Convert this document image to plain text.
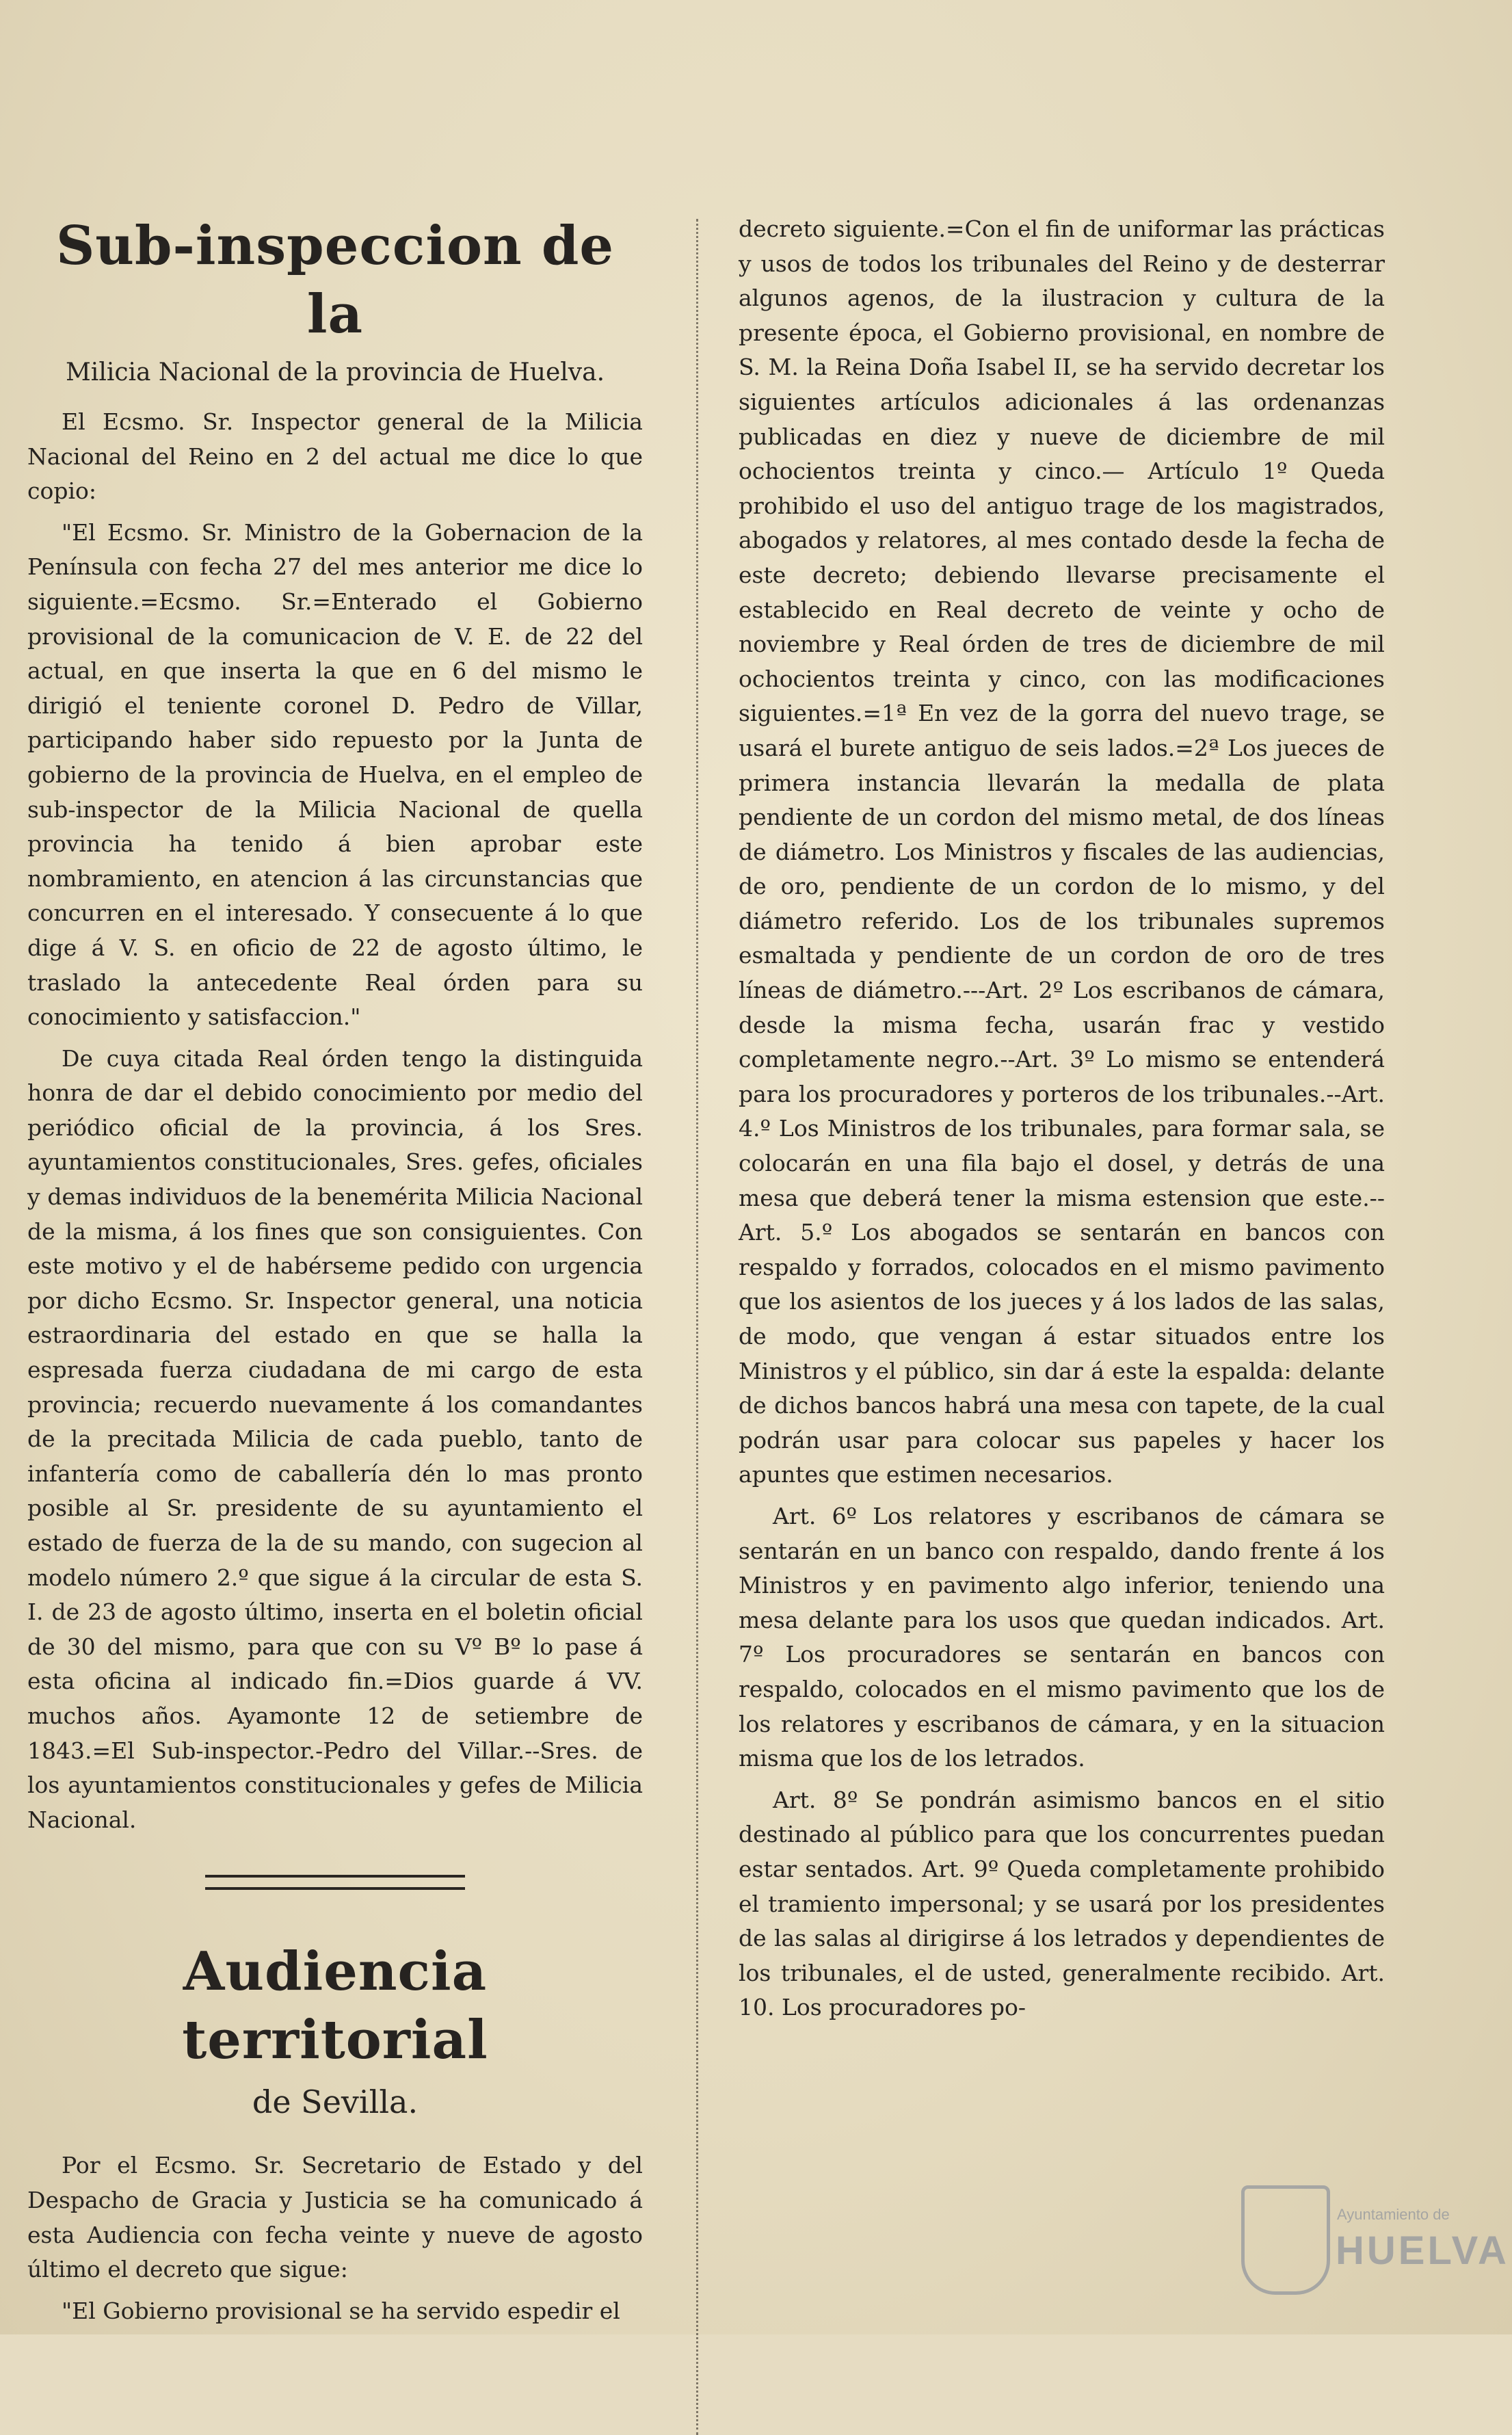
Sub-inspeccion de la
Milicia Nacional de la provincia de Huelva.

El Ecsmo. Sr. Inspector general de la Milicia Nacional del Reino en 2 del actual me dice lo que copio:

"El Ecsmo. Sr. Ministro de la Gobernacion de la Península con fecha 27 del mes anterior me dice lo siguiente.=Ecsmo. Sr.=Enterado el Gobierno provisional de la comunicacion de V. E. de 22 del actual, en que inserta la que en 6 del mismo le dirigió el teniente coronel D. Pedro de Villar, participando haber sido repuesto por la Junta de gobierno de la provincia de Huelva, en el empleo de sub-inspector de la Milicia Nacional de quella provincia ha tenido á bien aprobar este nombramiento, en atencion á las circunstancias que concurren en el interesado. Y consecuente á lo que dige á V. S. en oficio de 22 de agosto último, le traslado la antecedente Real órden para su conocimiento y satisfaccion."

De cuya citada Real órden tengo la distinguida honra de dar el debido conocimiento por medio del periódico oficial de la provincia, á los Sres. ayuntamientos constitucionales, Sres. gefes, oficiales y demas individuos de la benemérita Milicia Nacional de la misma, á los fines que son consiguientes. Con este motivo y el de habérseme pedido con urgencia por dicho Ecsmo. Sr. Inspector general, una noticia estraordinaria del estado en que se halla la espresada fuerza ciudadana de mi cargo de esta provincia; recuerdo nuevamente á los comandantes de la precitada Milicia de cada pueblo, tanto de infantería como de caballería dén lo mas pronto posible al Sr. presidente de su ayuntamiento el estado de fuerza de la de su mando, con sugecion al modelo número 2.º que sigue á la circular de esta S. I. de 23 de agosto último, inserta en el boletin oficial de 30 del mismo, para que con su Vº Bº lo pase á esta oficina al indicado fin.=Dios guarde á VV. muchos años. Ayamonte 12 de setiembre de 1843.=El Sub-inspector.-Pedro del Villar.--Sres. de los ayuntamientos constitucionales y gefes de Milicia Nacional.

Audiencia territorial
de Sevilla.

Por el Ecsmo. Sr. Secretario de Estado y del Despacho de Gracia y Justicia se ha comunicado á esta Audiencia con fecha veinte y nueve de agosto último el decreto que sigue:

"El Gobierno provisional se ha servido espedir el

decreto siguiente.=Con el fin de uniformar las prácticas y usos de todos los tribunales del Reino y de desterrar algunos agenos, de la ilustracion y cultura de la presente época, el Gobierno provisional, en nombre de S. M. la Reina Doña Isabel II, se ha servido decretar los siguientes artículos adicionales á las ordenanzas publicadas en diez y nueve de diciembre de mil ochocientos treinta y cinco.— Artículo 1º Queda prohibido el uso del antiguo trage de los magistrados, abogados y relatores, al mes contado desde la fecha de este decreto; debiendo llevarse precisamente el establecido en Real decreto de veinte y ocho de noviembre y Real órden de tres de diciembre de mil ochocientos treinta y cinco, con las modificaciones siguientes.=1ª En vez de la gorra del nuevo trage, se usará el burete antiguo de seis lados.=2ª Los jueces de primera instancia llevarán la medalla de plata pendiente de un cordon del mismo metal, de dos líneas de diámetro. Los Ministros y fiscales de las audiencias, de oro, pendiente de un cordon de lo mismo, y del diámetro referido. Los de los tribunales supremos esmaltada y pendiente de un cordon de oro de tres líneas de diámetro.---Art. 2º Los escribanos de cámara, desde la misma fecha, usarán frac y vestido completamente negro.--Art. 3º Lo mismo se entenderá para los procuradores y porteros de los tribunales.--Art. 4.º Los Ministros de los tribunales, para formar sala, se colocarán en una fila bajo el dosel, y detrás de una mesa que deberá tener la misma estension que este.--Art. 5.º Los abogados se sentarán en bancos con respaldo y forrados, colocados en el mismo pavimento que los asientos de los jueces y á los lados de las salas, de modo, que vengan á estar situados entre los Ministros y el público, sin dar á este la espalda: delante de dichos bancos habrá una mesa con tapete, de la cual podrán usar para colocar sus papeles y hacer los apuntes que estimen necesarios.

Art. 6º Los relatores y escribanos de cámara se sentarán en un banco con respaldo, dando frente á los Ministros y en pavimento algo inferior, teniendo una mesa delante para los usos que quedan indicados. Art. 7º Los procuradores se sentarán en bancos con respaldo, colocados en el mismo pavimento que los de los relatores y escribanos de cámara, y en la situacion misma que los de los letrados.

Art. 8º Se pondrán asimismo bancos en el sitio destinado al público para que los concurrentes puedan estar sentados. Art. 9º Queda completamente prohibido el tramiento impersonal; y se usará por los presidentes de las salas al dirigirse á los letrados y dependientes de los tribunales, el de usted, generalmente recibido. Art. 10. Los procuradores po-

Ayuntamiento de
HUELVA
